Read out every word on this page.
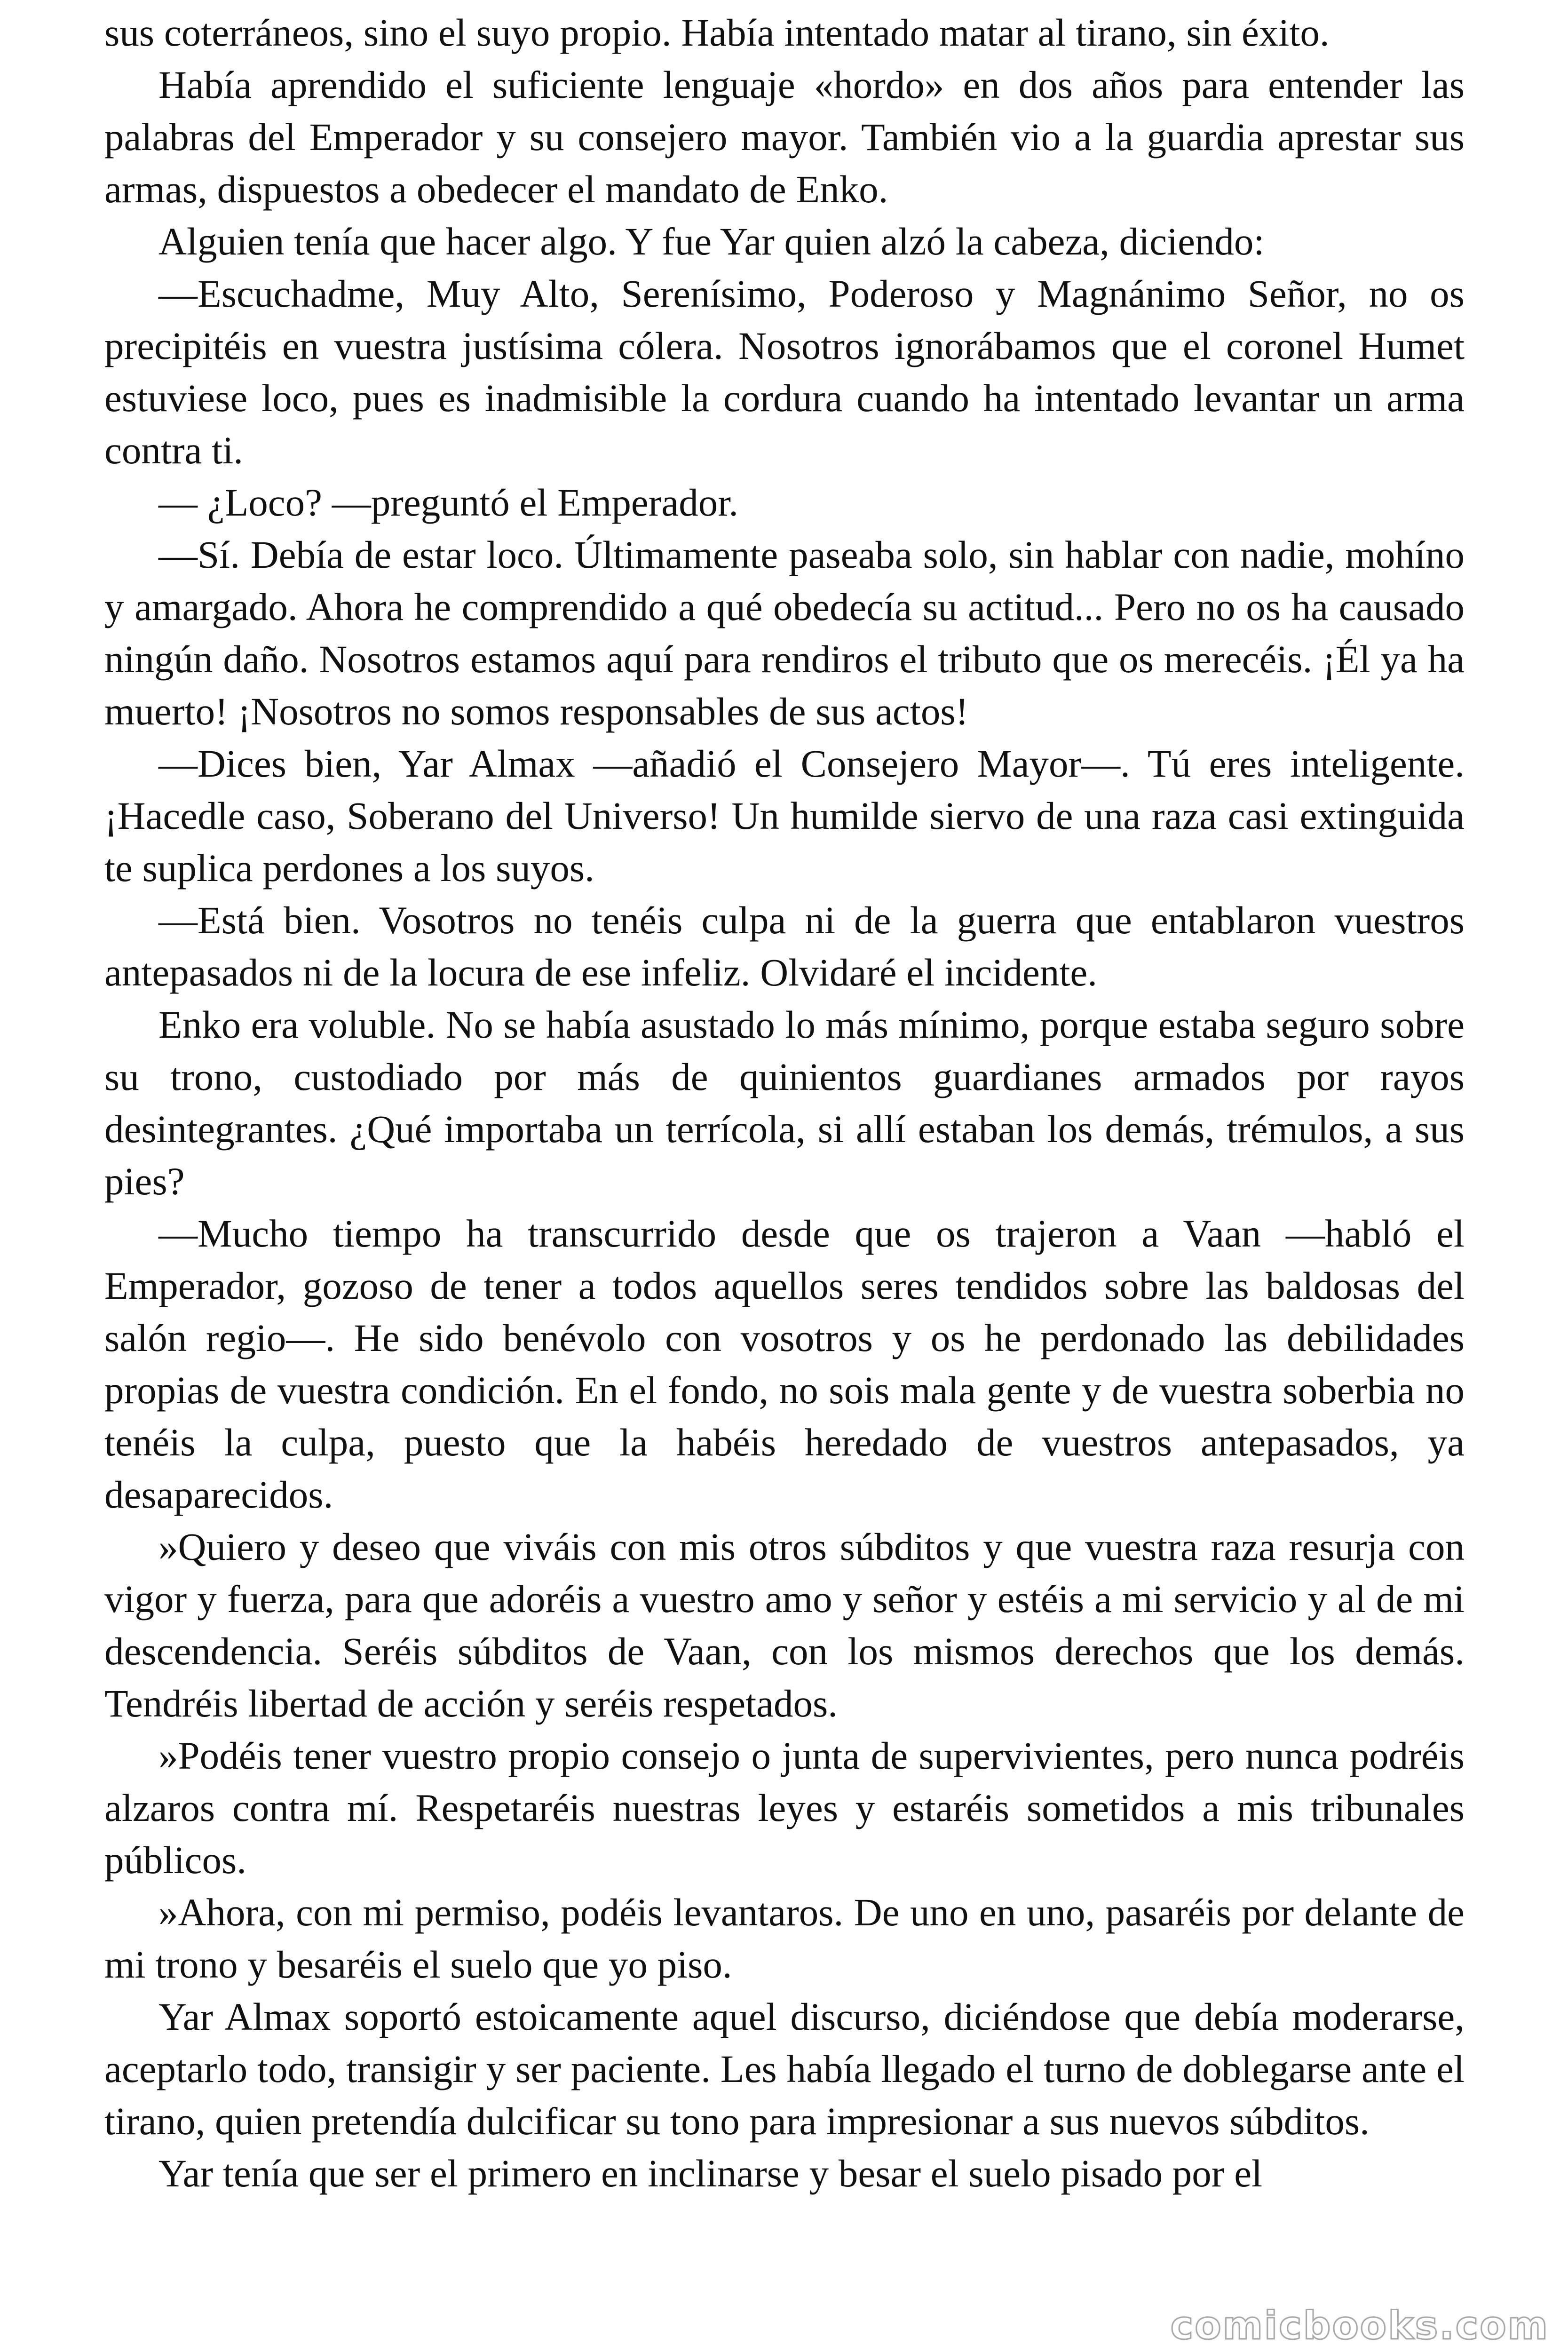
sus coterráneos, sino el suyo propio. Había intentado matar al tirano, sin éxito.

Había aprendido el suficiente lenguaje «hordo» en dos años para entender las palabras del Emperador y su consejero mayor. También vio a la guardia aprestar sus armas, dispuestos a obedecer el mandato de Enko.

Alguien tenía que hacer algo. Y fue Yar quien alzó la cabeza, diciendo:

—Escuchadme, Muy Alto, Serenísimo, Poderoso y Magnánimo Señor, no os precipitéis en vuestra justísima cólera. Nosotros ignorábamos que el coronel Humet estuviese loco, pues es inadmisible la cordura cuando ha intentado levantar un arma contra ti.

— ¿Loco? —preguntó el Emperador.

—Sí. Debía de estar loco. Últimamente paseaba solo, sin hablar con nadie, mohíno y amargado. Ahora he comprendido a qué obedecía su actitud... Pero no os ha causado ningún daño. Nosotros estamos aquí para rendiros el tributo que os merecéis. ¡Él ya ha muerto! ¡Nosotros no somos responsables de sus actos!

—Dices bien, Yar Almax —añadió el Consejero Mayor—. Tú eres inteligente. ¡Hacedle caso, Soberano del Universo! Un humilde siervo de una raza casi extinguida te suplica perdones a los suyos.

—Está bien. Vosotros no tenéis culpa ni de la guerra que entablaron vuestros antepasados ni de la locura de ese infeliz. Olvidaré el incidente.

Enko era voluble. No se había asustado lo más mínimo, porque estaba seguro sobre su trono, custodiado por más de quinientos guardianes armados por rayos desintegrantes. ¿Qué importaba un terrícola, si allí estaban los demás, trémulos, a sus pies?

—Mucho tiempo ha transcurrido desde que os trajeron a Vaan —habló el Emperador, gozoso de tener a todos aquellos seres tendidos sobre las baldosas del salón regio—. He sido benévolo con vosotros y os he perdonado las debilidades propias de vuestra condición. En el fondo, no sois mala gente y de vuestra soberbia no tenéis la culpa, puesto que la habéis heredado de vuestros antepasados, ya desaparecidos.

»Quiero y deseo que viváis con mis otros súbditos y que vuestra raza resurja con vigor y fuerza, para que adoréis a vuestro amo y señor y estéis a mi servicio y al de mi descendencia. Seréis súbditos de Vaan, con los mismos derechos que los demás. Tendréis libertad de acción y seréis respetados.

»Podéis tener vuestro propio consejo o junta de supervivientes, pero nunca podréis alzaros contra mí. Respetaréis nuestras leyes y estaréis sometidos a mis tribunales públicos.

»Ahora, con mi permiso, podéis levantaros. De uno en uno, pasaréis por delante de mi trono y besaréis el suelo que yo piso.

Yar Almax soportó estoicamente aquel discurso, diciéndose que debía moderarse, aceptarlo todo, transigir y ser paciente. Les había llegado el turno de doblegarse ante el tirano, quien pretendía dulcificar su tono para impresionar a sus nuevos súbditos.

Yar tenía que ser el primero en inclinarse y besar el suelo pisado por el

comicbooks.com
